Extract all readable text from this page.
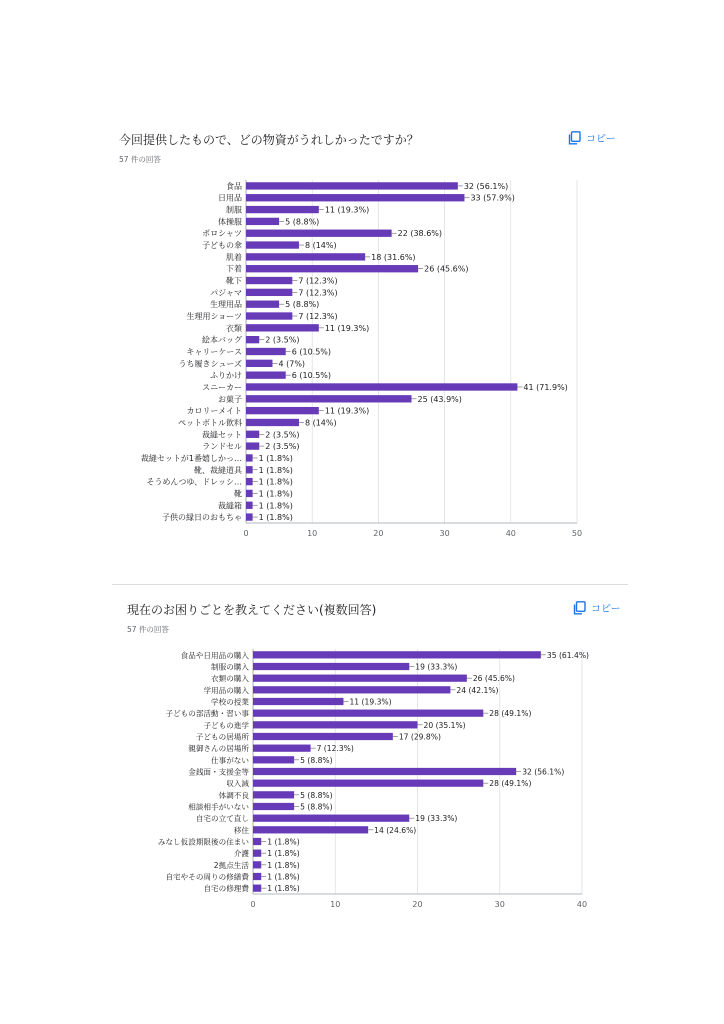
今回提供したもので、どの物資がうれしかったですか？
57 件の回答
コピー
0	10	20	30	40	50
食品	32 (56.1%)
日用品	33 (57.9%)
制服	11 (19.3%)
体操服	5 (8.8%)
ポロシャツ	22 (38.6%)
子どもの傘	8 (14%)
肌着	18 (31.6%)
下着	26 (45.6%)
靴下	7 (12.3%)
パジャマ	7 (12.3%)
生理用品	5 (8.8%)
生理用ショーツ	7 (12.3%)
衣類	11 (19.3%)
絵本バッグ	2 (3.5%)
キャリーケース	6 (10.5%)
うち履きシューズ	4 (7%)
ふりかけ	6 (10.5%)
スニーカー	41 (71.9%)
お菓子	25 (43.9%)
カロリーメイト	11 (19.3%)
ペットボトル飲料	8 (14%)
裁縫セット	2 (3.5%)
ランドセル	2 (3.5%)
裁縫セットが1番嬉しかっ… 1 (1.8%)
靴、裁縫道具 1 (1.8%)
そうめんつゆ、ドレッシ… 1 (1.8%)
靴 1 (1.8%)
裁縫箱 1 (1.8%)
子供の縁日のおもちゃ 1 (1.8%)
現在のお困りごとを教えてください(複数回答)
57 件の回答
コピー
0	10	20	30	40
食品や日用品の購入	35 (61.4%)
制服の購入	19 (33.3%)
衣類の購入	26 (45.6%)
学用品の購入	24 (42.1%)
学校の授業	11 (19.3%)
子どもの部活動・習い事	28 (49.1%)
子どもの進学	20 (35.1%)
子どもの居場所	17 (29.8%)
親御さんの居場所	7 (12.3%)
仕事がない	5 (8.8%)
金銭面・支援金等	32 (56.1%)
収入減	28 (49.1%)
体調不良	5 (8.8%)
相談相手がいない	5 (8.8%)
自宅の立て直し	19 (33.3%)
移住	14 (24.6%)
みなし仮設期限後の住まい 1 (1.8%)
介護 1 (1.8%)
2拠点生活 1 (1.8%)
自宅やその周りの修繕費 1 (1.8%)
自宅の修理費 1 (1.8%)
